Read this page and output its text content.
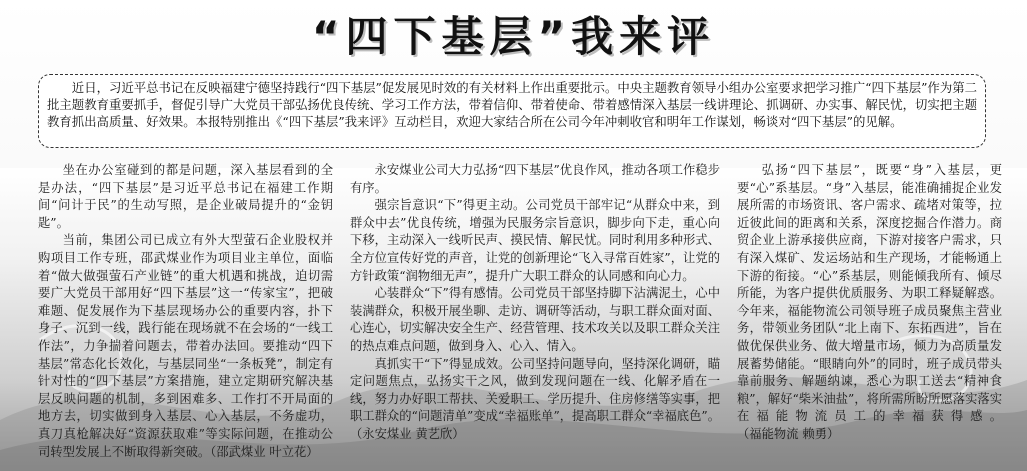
“四下基层”我来评

近日，习近平总书记在反映福建宁德坚持践行“四下基层”促发展见时效的有关材料上作出重要批示。中央主题教育领导小组办公室要求把学习推广“四下基层”作为第二批主题教育重要抓手，督促引导广大党员干部弘扬优良传统、学习工作方法，带着信仰、带着使命、带着感情深入基层一线讲理论、抓调研、办实事、解民忧，切实把主题教育抓出高质量、好效果。本报特别推出《“四下基层”我来评》互动栏目，欢迎大家结合所在公司今年冲刺收官和明年工作谋划，畅谈对“四下基层”的见解。

坐在办公室碰到的都是问题，深入基层看到的全是办法，“四下基层”是习近平总书记在福建工作期间“问计于民”的生动写照，是企业破局提升的“金钥匙”。

当前，集团公司已成立有外大型萤石企业股权并购项目工作专班，邵武煤业作为项目业主单位，面临着“做大做强萤石产业链”的重大机遇和挑战，迫切需要广大党员干部用好“四下基层”这一“传家宝”，把破难题、促发展作为下基层现场办公的重要内容，扑下身子、沉到一线，践行能在现场就不在会场的“一线工作法”，力争揣着问题去，带着办法回。要推动“四下基层”常态化长效化，与基层同坐“一条板凳”，制定有针对性的“四下基层”方案措施，建立定期研究解决基层反映问题的机制，多到困难多、工作打不开局面的地方去，切实做到身入基层、心入基层，不务虚功，真刀真枪解决好“资源获取难”等实际问题，在推动公司转型发展上不断取得新突破。（邵武煤业 叶立花）

永安煤业公司大力弘扬“四下基层”优良作风，推动各项工作稳步有序。

强宗旨意识“下”得更主动。公司党员干部牢记“从群众中来，到群众中去”优良传统，增强为民服务宗旨意识，脚步向下走，重心向下移，主动深入一线听民声、摸民情、解民忧。同时利用多种形式、全方位宣传好党的声音，让党的创新理论“飞入寻常百姓家”，让党的方针政策“润物细无声”，提升广大职工群众的认同感和向心力。

心装群众“下”得有感情。公司党员干部坚持脚下沾满泥土，心中装满群众，积极开展坐聊、走访、调研等活动，与职工群众面对面、心连心，切实解决安全生产、经营管理、技术攻关以及职工群众关注的热点难点问题，做到身入、心入、情入。

真抓实干“下”得显成效。公司坚持问题导向，坚持深化调研，瞄定问题焦点，弘扬实干之风，做到发现问题在一线、化解矛盾在一线，努力办好职工帮扶、关爱职工、学历提升、住房修缮等实事，把职工群众的“问题清单”变成“幸福账单”，提高职工群众“幸福底色”。（永安煤业 黄艺欣）

弘扬“四下基层”，既要“身”入基层，更要“心”系基层。“身”入基层，能准确捕捉企业发展所需的市场资讯、客户需求、疏堵对策等，拉近彼此间的距离和关系，深度挖掘合作潜力。商贸企业上游承接供应商，下游对接客户需求，只有深入煤矿、发运场站和生产现场，才能畅通上下游的衔接。“心”系基层，则能倾我所有、倾尽所能，为客户提供优质服务、为职工释疑解惑。今年来，福能物流公司领导班子成员聚焦主营业务，带领业务团队“北上南下、东拓西进”，旨在做优保供业务、做大增量市场，倾力为高质量发展蓄势储能。“眼睛向外”的同时，班子成员带头靠前服务、解题纳谏，悉心为职工送去“精神食粮”，解好“柴米油盐”，将所需所盼所愿落实落实在福能物流员工的幸福获得感。（福能物流 赖勇）
